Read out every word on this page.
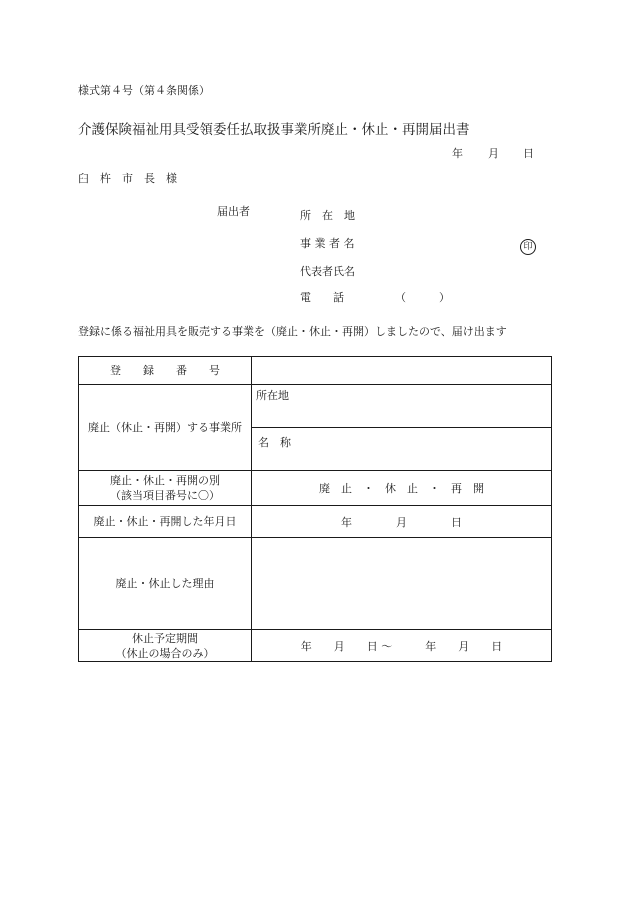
様式第４号（第４条関係）
介護保険福祉用具受領委任払取扱事業所廃止・休止・再開届出書
年 月 日
臼　杵　市　長　様
届出者	所　在　地
事 業 者 名	印
代表者氏名
電　　話	（　　　）
登録に係る福祉用具を販売する事業を（廃止・休止・再開）しましたので、届け出ます
登　　録　　番　　号	
廃止（休止・再開）する事業所	所在地

	名　称

廃止・休止・再開の別
（該当項目番号に〇）	廃　止　・　休　止　・　再　開
廃止・休止・再開した年月日	年　　　　月　　　　日
廃止・休止した理由	

休止予定期間
（休止の場合のみ）	年　　月　　日 〜　　　年　　月　　日
